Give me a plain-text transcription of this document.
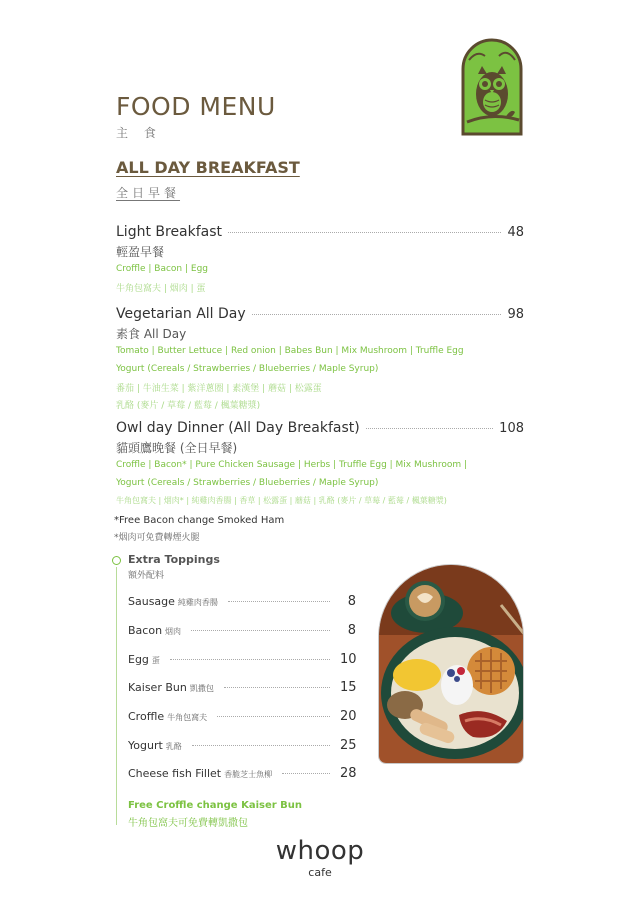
FOOD MENU
主 食
ALL DAY BREAKFAST
全日早餐
Light Breakfast	48
輕盈早餐
Croffle | Bacon | Egg
牛角包窩夫 | 烟肉 | 蛋
Vegetarian All Day	98
素食 All Day
Tomato | Butter Lettuce | Red onion | Babes Bun | Mix Mushroom | Truffle Egg
Yogurt (Cereals / Strawberries / Blueberries / Maple Syrup)
番茄 | 牛油生菜 | 紫洋蔥圈 | 素漢堡 | 蘑菇 | 松露蛋
乳酪 (麥片 / 草莓 / 藍莓 / 楓葉糖漿)
Owl day Dinner (All Day Breakfast)	108
貓頭鷹晚餐 (全日早餐)
Croffle | Bacon* | Pure Chicken Sausage | Herbs | Truffle Egg | Mix Mushroom |
Yogurt (Cereals / Strawberries / Blueberries / Maple Syrup)
牛角包窩夫 | 烟肉* | 純雞肉香腸 | 香草 | 松露蛋 | 蘑菇 | 乳酪 (麥片 / 草莓 / 藍莓 / 楓葉糖漿)
*Free Bacon change Smoked Ham
*烟肉可免費轉煙火腿
Extra Toppings
額外配料
Sausage 純雞肉香腸	8
Bacon 烟肉	8
Egg 蛋	10
Kaiser Bun 凱撒包	15
Croffle 牛角包窩夫	20
Yogurt 乳酪	25
Cheese fish Fillet 香脆芝士魚柳	28
Free Croffle change Kaiser Bun
牛角包窩夫可免費轉凱撒包
whoop
cafe
